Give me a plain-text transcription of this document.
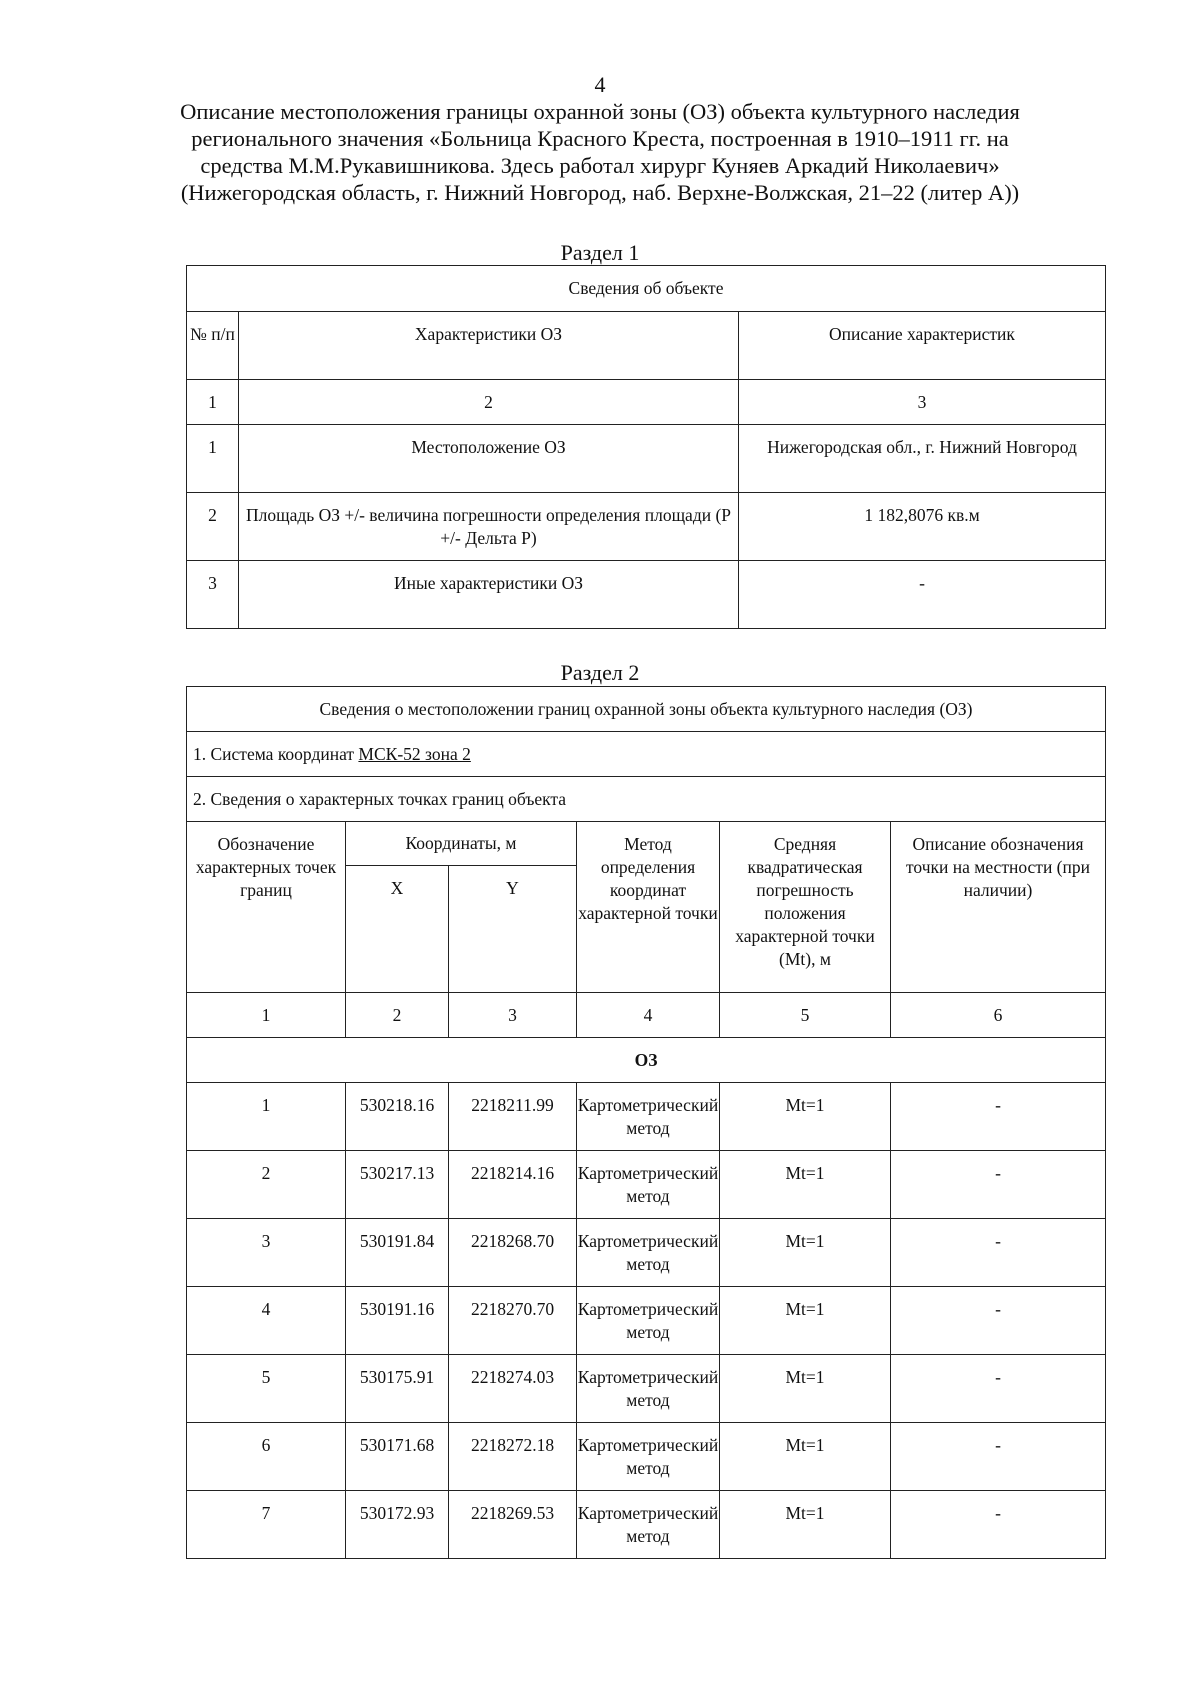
4
Описание местоположения границы охранной зоны (ОЗ) объекта культурного наследия
регионального значения «Больница Красного Креста, построенная в 1910–1911 гг. на
средства М.М.Рукавишникова. Здесь работал хирург Куняев Аркадий Николаевич»
(Нижегородская область, г. Нижний Новгород, наб. Верхне-Волжская, 21–22 (литер А))
Раздел 1
Сведения об объекте		
№ п/п	Характеристики ОЗ	Описание характеристик
1	2	3
1	Местоположение ОЗ	Нижегородская обл., г. Нижний Новгород
2	Площадь ОЗ +/- величина погрешности определения площади (P +/- Дельта P)	1 182,8076 кв.м
3	Иные характеристики ОЗ	-
Раздел 2
Сведения о местоположении границ охранной зоны объекта культурного наследия (ОЗ)					
1. Система координат МСК-52 зона 2					
2. Сведения о характерных точках границ объекта					
Обозначение характерных точек границ	Координаты, м		Метод определения координат характерной точки	Средняя квадратическая погрешность положения характерной точки (Mt), м	Описание обозначения точки на местности (при наличии)
	X	Y			
1	2	3	4	5	6
ОЗ					
1	530218.16	2218211.99	Картометрический метод	Mt=1	-
2	530217.13	2218214.16	Картометрический метод	Mt=1	-
3	530191.84	2218268.70	Картометрический метод	Mt=1	-
4	530191.16	2218270.70	Картометрический метод	Mt=1	-
5	530175.91	2218274.03	Картометрический метод	Mt=1	-
6	530171.68	2218272.18	Картометрический метод	Mt=1	-
7	530172.93	2218269.53	Картометрический метод	Mt=1	-
